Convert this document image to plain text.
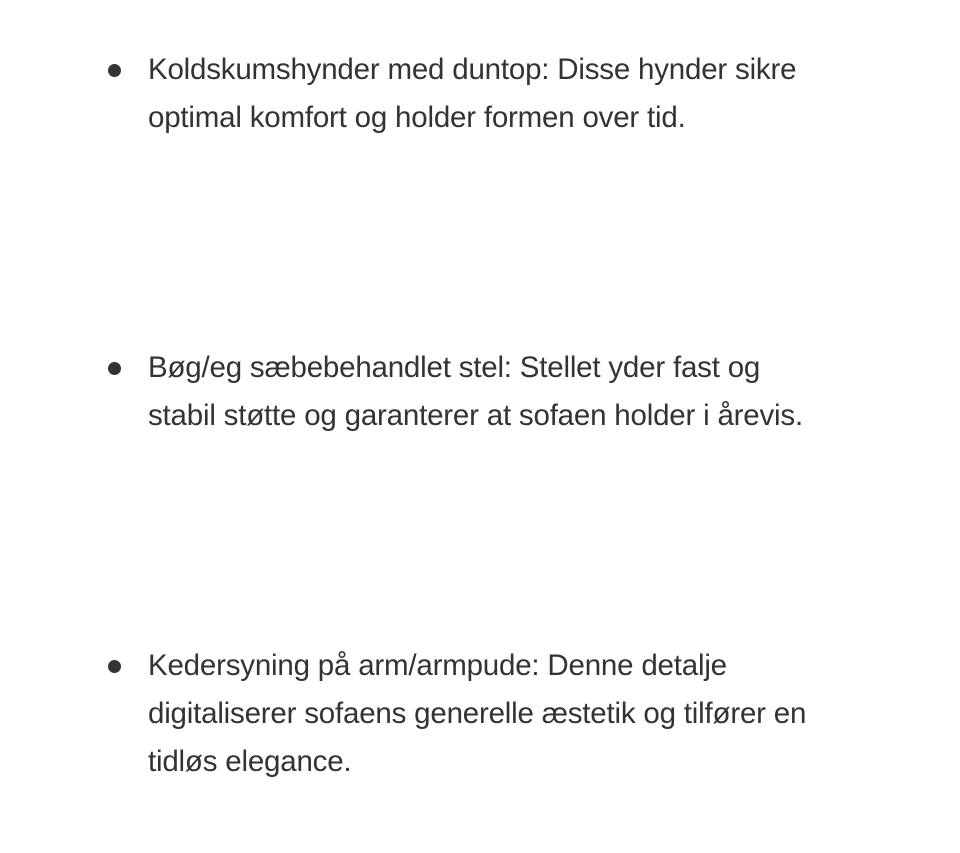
Koldskumshynder med duntop: Disse hynder sikre
optimal komfort og holder formen over tid.
Bøg/eg sæbebehandlet stel: Stellet yder fast og
stabil støtte og garanterer at sofaen holder i årevis.
Kedersyning på arm/armpude: Denne detalje
digitaliserer sofaens generelle æstetik og tilfører en
tidløs elegance.
